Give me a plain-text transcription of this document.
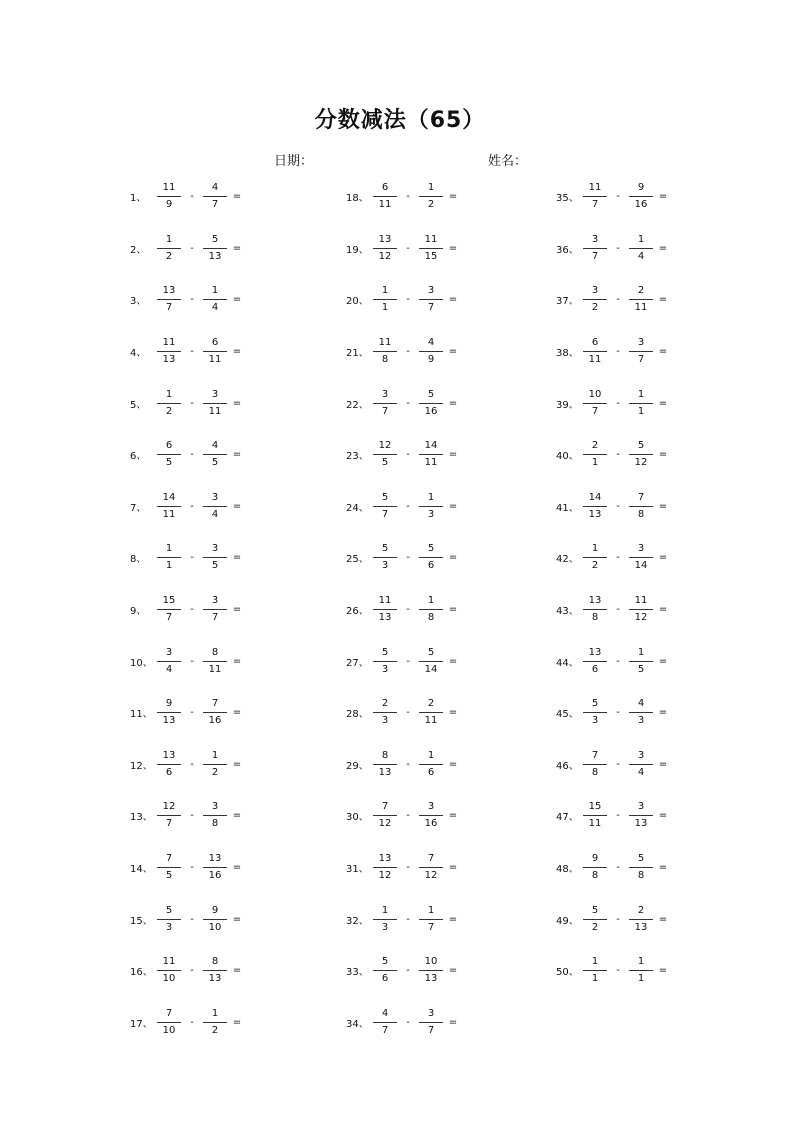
分数减法（65）
日期：	姓名：
1、 $\frac{11}{9} - \frac{4}{7}$ =
2、 $\frac{1}{2} - \frac{5}{13}$ =
3、 $\frac{13}{7} - \frac{1}{4}$ =
4、 $\frac{11}{13} - \frac{6}{11}$ =
5、 $\frac{1}{2} - \frac{3}{11}$ =
6、 $\frac{6}{5} - \frac{4}{5}$ =
7、 $\frac{14}{11} - \frac{3}{4}$ =
8、 $\frac{1}{1} - \frac{3}{5}$ =
9、 $\frac{15}{7} - \frac{3}{7}$ =
10、 $\frac{3}{4} - \frac{8}{11}$ =
11、 $\frac{9}{13} - \frac{7}{16}$ =
12、 $\frac{13}{6} - \frac{1}{2}$ =
13、 $\frac{12}{7} - \frac{3}{8}$ =
14、 $\frac{7}{5} - \frac{13}{16}$ =
15、 $\frac{5}{3} - \frac{9}{10}$ =
16、 $\frac{11}{10} - \frac{8}{13}$ =
17、 $\frac{7}{10} - \frac{1}{2}$ =
18、 $\frac{6}{11} - \frac{1}{2}$ =
19、 $\frac{13}{12} - \frac{11}{15}$ =
20、 $\frac{1}{1} - \frac{3}{7}$ =
21、 $\frac{11}{8} - \frac{4}{9}$ =
22、 $\frac{3}{7} - \frac{5}{16}$ =
23、 $\frac{12}{5} - \frac{14}{11}$ =
24、 $\frac{5}{7} - \frac{1}{3}$ =
25、 $\frac{5}{3} - \frac{5}{6}$ =
26、 $\frac{11}{13} - \frac{1}{8}$ =
27、 $\frac{5}{3} - \frac{5}{14}$ =
28、 $\frac{2}{3} - \frac{2}{11}$ =
29、 $\frac{8}{13} - \frac{1}{6}$ =
30、 $\frac{7}{12} - \frac{3}{16}$ =
31、 $\frac{13}{12} - \frac{7}{12}$ =
32、 $\frac{1}{3} - \frac{1}{7}$ =
33、 $\frac{5}{6} - \frac{10}{13}$ =
34、 $\frac{4}{7} - \frac{3}{7}$ =
35、 $\frac{11}{7} - \frac{9}{16}$ =
36、 $\frac{3}{7} - \frac{1}{4}$ =
37、 $\frac{3}{2} - \frac{2}{11}$ =
38、 $\frac{6}{11} - \frac{3}{7}$ =
39、 $\frac{10}{7} - \frac{1}{1}$ =
40、 $\frac{2}{1} - \frac{5}{12}$ =
41、 $\frac{14}{13} - \frac{7}{8}$ =
42、 $\frac{1}{2} - \frac{3}{14}$ =
43、 $\frac{13}{8} - \frac{11}{12}$ =
44、 $\frac{13}{6} - \frac{1}{5}$ =
45、 $\frac{5}{3} - \frac{4}{3}$ =
46、 $\frac{7}{8} - \frac{3}{4}$ =
47、 $\frac{15}{11} - \frac{3}{13}$ =
48、 $\frac{9}{8} - \frac{5}{8}$ =
49、 $\frac{5}{2} - \frac{2}{13}$ =
50、 $\frac{1}{1} - \frac{1}{1}$ =
